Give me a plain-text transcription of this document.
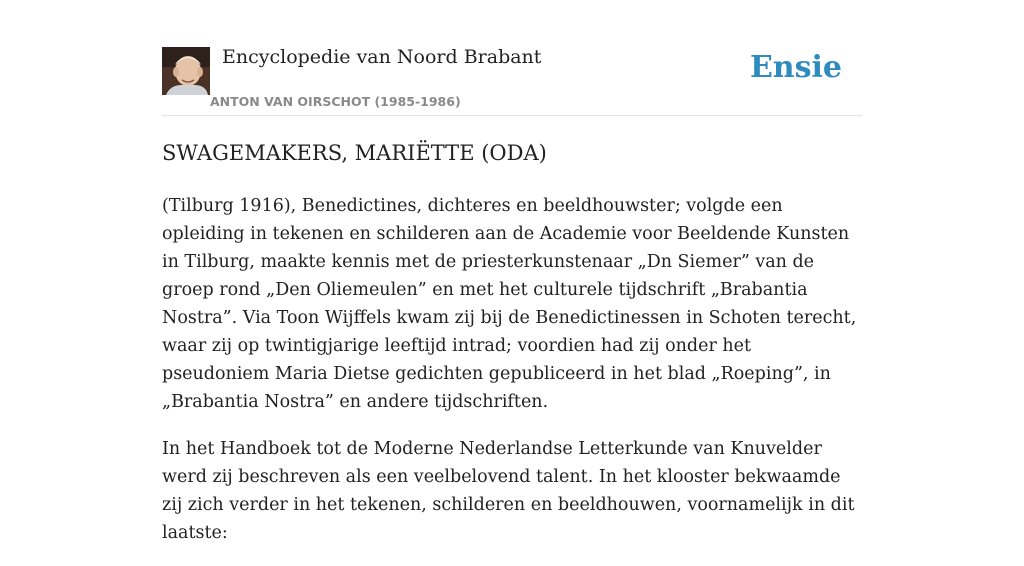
Encyclopedie van Noord Brabant
ANTON VAN OIRSCHOT (1985-1986)
Ensie
SWAGEMAKERS, MARIËTTE (ODA)

(Tilburg 1916), Benedictines, dichteres en beeldhouwster; volgde een opleiding in tekenen en schilderen aan de Academie voor Beeldende Kunsten in Tilburg, maakte kennis met de priesterkunstenaar „Dn Siemer” van de groep rond „Den Oliemeulen” en met het culturele tijdschrift „Brabantia Nostra”. Via Toon Wijffels kwam zij bij de Benedictinessen in Schoten terecht, waar zij op twintigjarige leeftijd intrad; voordien had zij onder het pseudoniem Maria Dietse gedichten gepubliceerd in het blad „Roeping”, in „Brabantia Nostra” en andere tijdschriften.

In het Handboek tot de Moderne Nederlandse Letterkunde van Knuvelder werd zij beschreven als een veelbelovend talent. In het klooster bekwaamde zij zich verder in het tekenen, schilderen en beeldhouwen, voornamelijk in dit laatste:
